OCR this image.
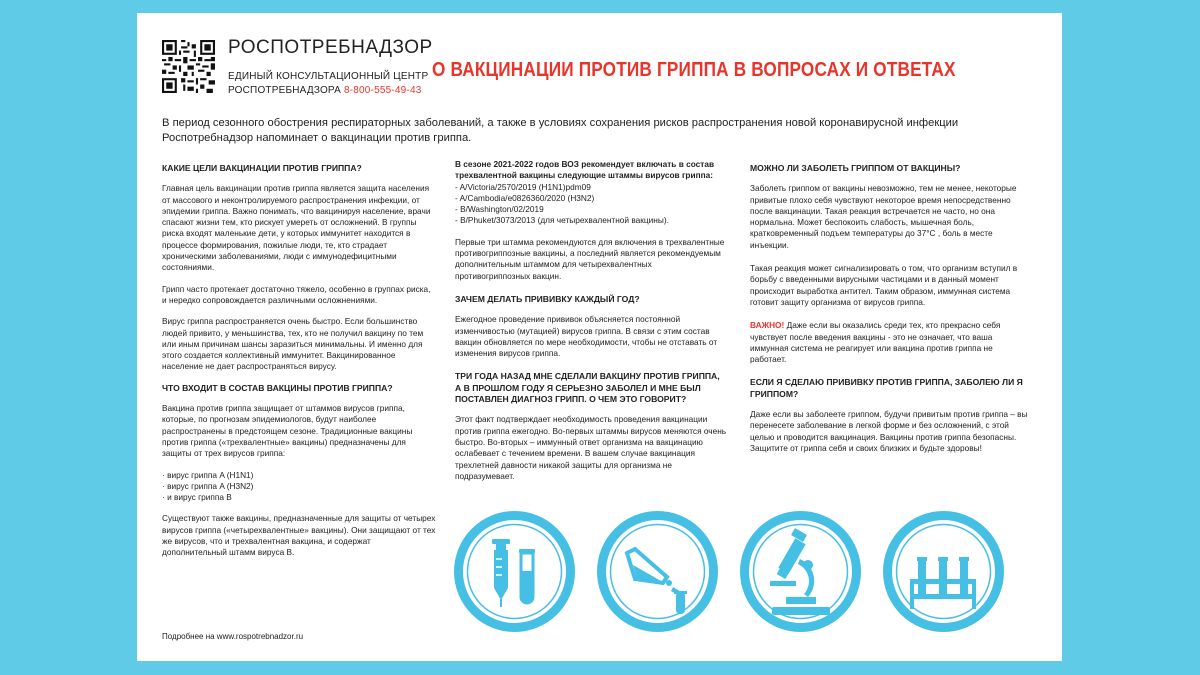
РОСПОТРЕБНАДЗОР
ЕДИНЫЙ КОНСУЛЬТАЦИОННЫЙ ЦЕНТР
РОСПОТРЕБНАДЗОРА 8-800-555-49-43
О ВАКЦИНАЦИИ ПРОТИВ ГРИППА В ВОПРОСАХ И ОТВЕТАХ
В период сезонного обострения респираторных заболеваний, а также в условиях сохранения рисков распространения новой коронавирусной инфекции Роспотребнадзор напоминает о вакцинации против гриппа.
КАКИЕ ЦЕЛИ ВАКЦИНАЦИИ ПРОТИВ ГРИППА?

Главная цель вакцинации против гриппа является защита населения от массового и неконтролируемого распространения инфекции, от эпидемии гриппа. Важно понимать, что вакцинируя население, врачи спасают жизни тем, кто рискует умереть от осложнений. В группы риска входят маленькие дети, у которых иммунитет находится в процессе формирования, пожилые люди, те, кто страдает хроническими заболеваниями, люди с иммунодефицитными состояниями.

Грипп часто протекает достаточно тяжело, особенно в группах риска, и нередко сопровождается различными осложнениями.

Вирус гриппа распространяется очень быстро. Если большинство людей привито, у меньшинства, тех, кто не получил вакцину по тем или иным причинам шансы заразиться минимальны. И именно для этого создается коллективный иммунитет. Вакцинированное население не дает распространяться вирусу.

ЧТО ВХОДИТ В СОСТАВ ВАКЦИНЫ ПРОТИВ ГРИППА?

Вакцина против гриппа защищает от штаммов вирусов гриппа, которые, по прогнозам эпидемиологов, будут наиболее распространены в предстоящем сезоне. Традиционные вакцины против гриппа («трехвалентные» вакцины) предназначены для защиты от трех вирусов гриппа:

· вирус гриппа A (H1N1)
· вирус гриппа A (H3N2)
· и вирус гриппа B

Существуют также вакцины, предназначенные для защиты от четырех вирусов гриппа («четырехвалентные» вакцины). Они защищают от тех же вирусов, что и трехвалентная вакцина, и содержат дополнительный штамм вируса B.

В сезоне 2021-2022 годов ВОЗ рекомендует включать в состав трехвалентной вакцины следующие штаммы вирусов гриппа:
- A/Victoria/2570/2019 (H1N1)pdm09
- A/Cambodia/e0826360/2020 (H3N2)
- B/Washington/02/2019
- B/Phuket/3073/2013 (для четырехвалентной вакцины).

Первые три штамма рекомендуются для включения в трехвалентные противогриппозные вакцины, а последний является рекомендуемым дополнительным штаммом для четырехвалентных противогриппозных вакцин.

ЗАЧЕМ ДЕЛАТЬ ПРИВИВКУ КАЖДЫЙ ГОД?

Ежегодное проведение прививок объясняется постоянной изменчивостью (мутацией) вирусов гриппа. В связи с этим состав вакцин обновляется по мере необходимости, чтобы не отставать от изменения вирусов гриппа.

ТРИ ГОДА НАЗАД МНЕ СДЕЛАЛИ ВАКЦИНУ ПРОТИВ ГРИППА, А В ПРОШЛОМ ГОДУ Я СЕРЬЕЗНО ЗАБОЛЕЛ И МНЕ БЫЛ ПОСТАВЛЕН ДИАГНОЗ ГРИПП. О ЧЕМ ЭТО ГОВОРИТ?

Этот факт подтверждает необходимость проведения вакцинации против гриппа ежегодно. Во-первых штаммы вирусов меняются очень быстро. Во-вторых – иммунный ответ организма на вакцинацию ослабевает с течением времени. В вашем случае вакцинация трехлетней давности никакой защиты для организма не подразумевает.

МОЖНО ЛИ ЗАБОЛЕТЬ ГРИППОМ ОТ ВАКЦИНЫ?

Заболеть гриппом от вакцины невозможно, тем не менее, некоторые привитые плохо себя чувствуют некоторое время непосредственно после вакцинации. Такая реакция встречается не часто, но она нормальна. Может беспокоить слабость, мышечная боль, кратковременный подъем температуры до 37°C , боль в месте инъекции.

Такая реакция может сигнализировать о том, что организм вступил в борьбу с введенными вирусными частицами и в данный момент происходит выработка антител. Таким образом, иммунная система готовит защиту организма от вирусов гриппа.

ВАЖНО! Даже если вы оказались среди тех, кто прекрасно себя чувствует после введения вакцины - это не означает, что ваша иммунная система не реагирует или вакцина против гриппа не работает.

ЕСЛИ Я СДЕЛАЮ ПРИВИВКУ ПРОТИВ ГРИППА, ЗАБОЛЕЮ ЛИ Я ГРИППОМ?

Даже если вы заболеете гриппом, будучи привитым против гриппа – вы перенесете заболевание в легкой форме и без осложнений, с этой целью и проводится вакцинация. Вакцины против гриппа безопасны. Защитите от гриппа себя и своих близких и будьте здоровы!

Подробнее на www.rospotrebnadzor.ru
